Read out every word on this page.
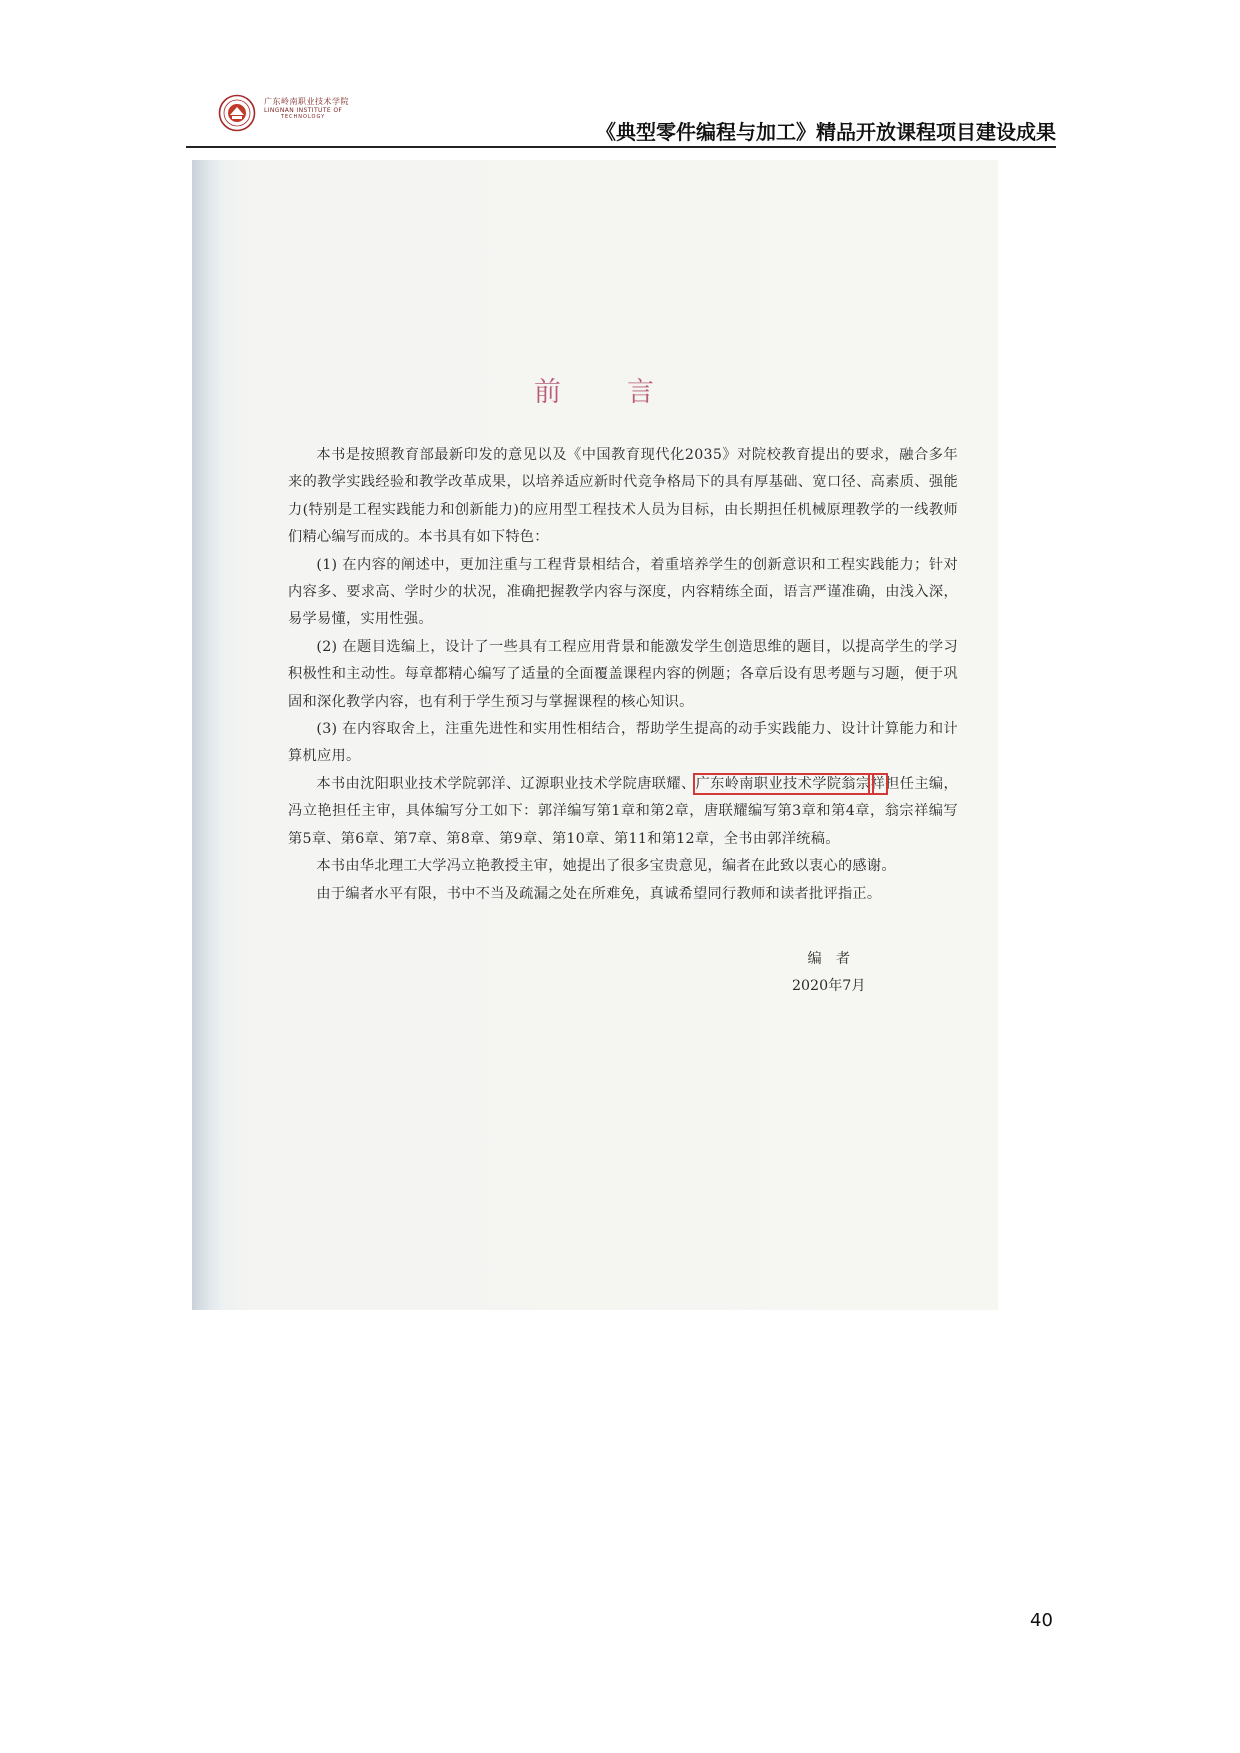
广东岭南职业技术学院
LINGNAN INSTITUTE OF
TECHNOLOGY
《典型零件编程与加工》精品开放课程项目建设成果
前 言

本书是按照教育部最新印发的意见以及《中国教育现代化2035》对院校教育提出的要求，融合多年来的教学实践经验和教学改革成果，以培养适应新时代竞争格局下的具有厚基础、宽口径、高素质、强能力(特别是工程实践能力和创新能力)的应用型工程技术人员为目标，由长期担任机械原理教学的一线教师们精心编写而成的。本书具有如下特色：

(1) 在内容的阐述中，更加注重与工程背景相结合，着重培养学生的创新意识和工程实践能力；针对内容多、要求高、学时少的状况，准确把握教学内容与深度，内容精练全面，语言严谨准确，由浅入深，易学易懂，实用性强。

(2) 在题目选编上，设计了一些具有工程应用背景和能激发学生创造思维的题目，以提高学生的学习积极性和主动性。每章都精心编写了适量的全面覆盖课程内容的例题；各章后设有思考题与习题，便于巩固和深化教学内容，也有利于学生预习与掌握课程的核心知识。

(3) 在内容取舍上，注重先进性和实用性相结合，帮助学生提高的动手实践能力、设计计算能力和计算机应用。

本书由沈阳职业技术学院郭洋、辽源职业技术学院唐联耀、广东岭南职业技术学院翁宗祥担任主编，冯立艳担任主审，具体编写分工如下：郭洋编写第1章和第2章，唐联耀编写第3章和第4章，翁宗祥编写第5章、第6章、第7章、第8章、第9章、第10章、第11和第12章，全书由郭洋统稿。

本书由华北理工大学冯立艳教授主审，她提出了很多宝贵意见，编者在此致以衷心的感谢。

由于编者水平有限，书中不当及疏漏之处在所难免，真诚希望同行教师和读者批评指正。

编　者
2020年7月
40
